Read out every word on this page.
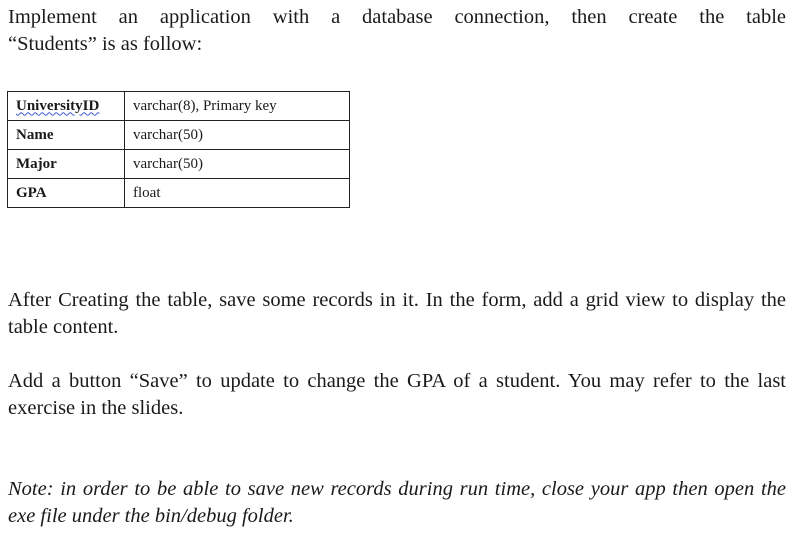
Implement an application with a database connection, then create the table
“Students” is as follow:

UniversityID	varchar(8), Primary key
Name	varchar(50)
Major	varchar(50)
GPA	float

After Creating the table, save some records in it. In the form, add a grid view to display the table content.

Add a button “Save” to update to change the GPA of a student. You may refer to the last exercise in the slides.

Note: in order to be able to save new records during run time, close your app then open the exe file under the bin/debug folder.
